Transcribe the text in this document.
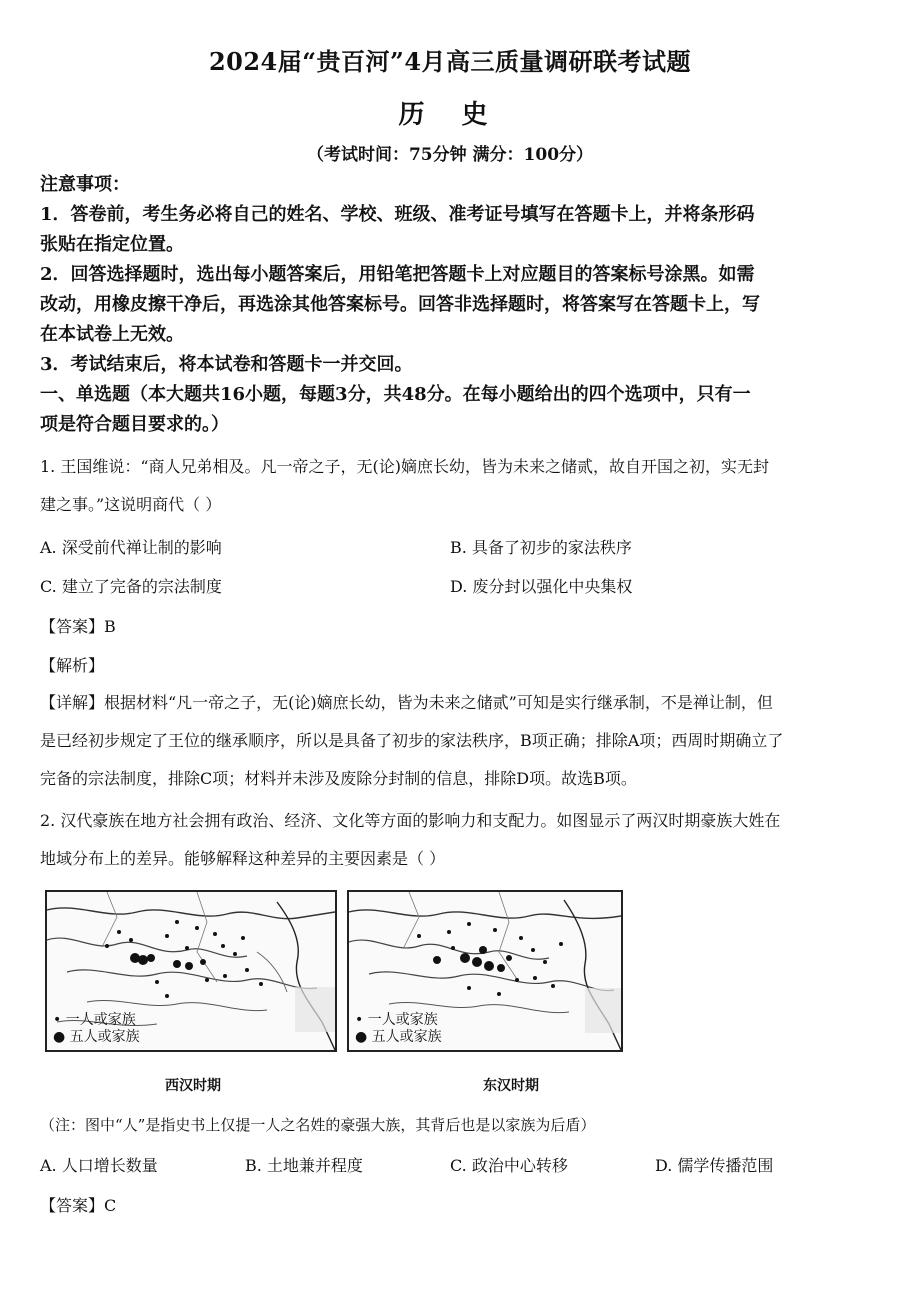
2024届“贵百河”4月高三质量调研联考试题
历 史
（考试时间：75分钟 满分：100分）

注意事项：

1．答卷前，考生务必将自己的姓名、学校、班级、准考证号填写在答题卡上，并将条形码

张贴在指定位置。

2．回答选择题时，选出每小题答案后，用铅笔把答题卡上对应题目的答案标号涂黑。如需

改动，用橡皮擦干净后，再选涂其他答案标号。回答非选择题时，将答案写在答题卡上，写

在本试卷上无效。

3．考试结束后，将本试卷和答题卡一并交回。

一、单选题（本大题共16小题，每题3分，共48分。在每小题给出的四个选项中，只有一

项是符合题目要求的。）

1. 王国维说：“商人兄弟相及。凡一帝之子，无(论)嫡庶长幼，皆为未来之储贰，故自开国之初，实无封

建之事。”这说明商代（ ）

A. 深受前代禅让制的影响	B. 具备了初步的家法秩序
C. 建立了完备的宗法制度	D. 废分封以强化中央集权
【答案】B
【解析】

【详解】根据材料“凡一帝之子，无(论)嫡庶长幼，皆为未来之储贰”可知是实行继承制，不是禅让制，但

是已经初步规定了王位的继承顺序，所以是具备了初步的家法秩序，B项正确；排除A项；西周时期确立了

完备的宗法制度，排除C项；材料并未涉及废除分封制的信息，排除D项。故选B项。

2. 汉代豪族在地方社会拥有政治、经济、文化等方面的影响力和支配力。如图显示了两汉时期豪族大姓在

地域分布上的差异。能够解释这种差异的主要因素是（ ）

• 一人或家族
● 五人或家族
西汉时期
• 一人或家族
● 五人或家族
东汉时期
（注：图中“人”是指史书上仅提一人之名姓的豪强大族，其背后也是以家族为后盾）
A. 人口增长数量	B. 土地兼并程度	C. 政治中心转移	D. 儒学传播范围
【答案】C
